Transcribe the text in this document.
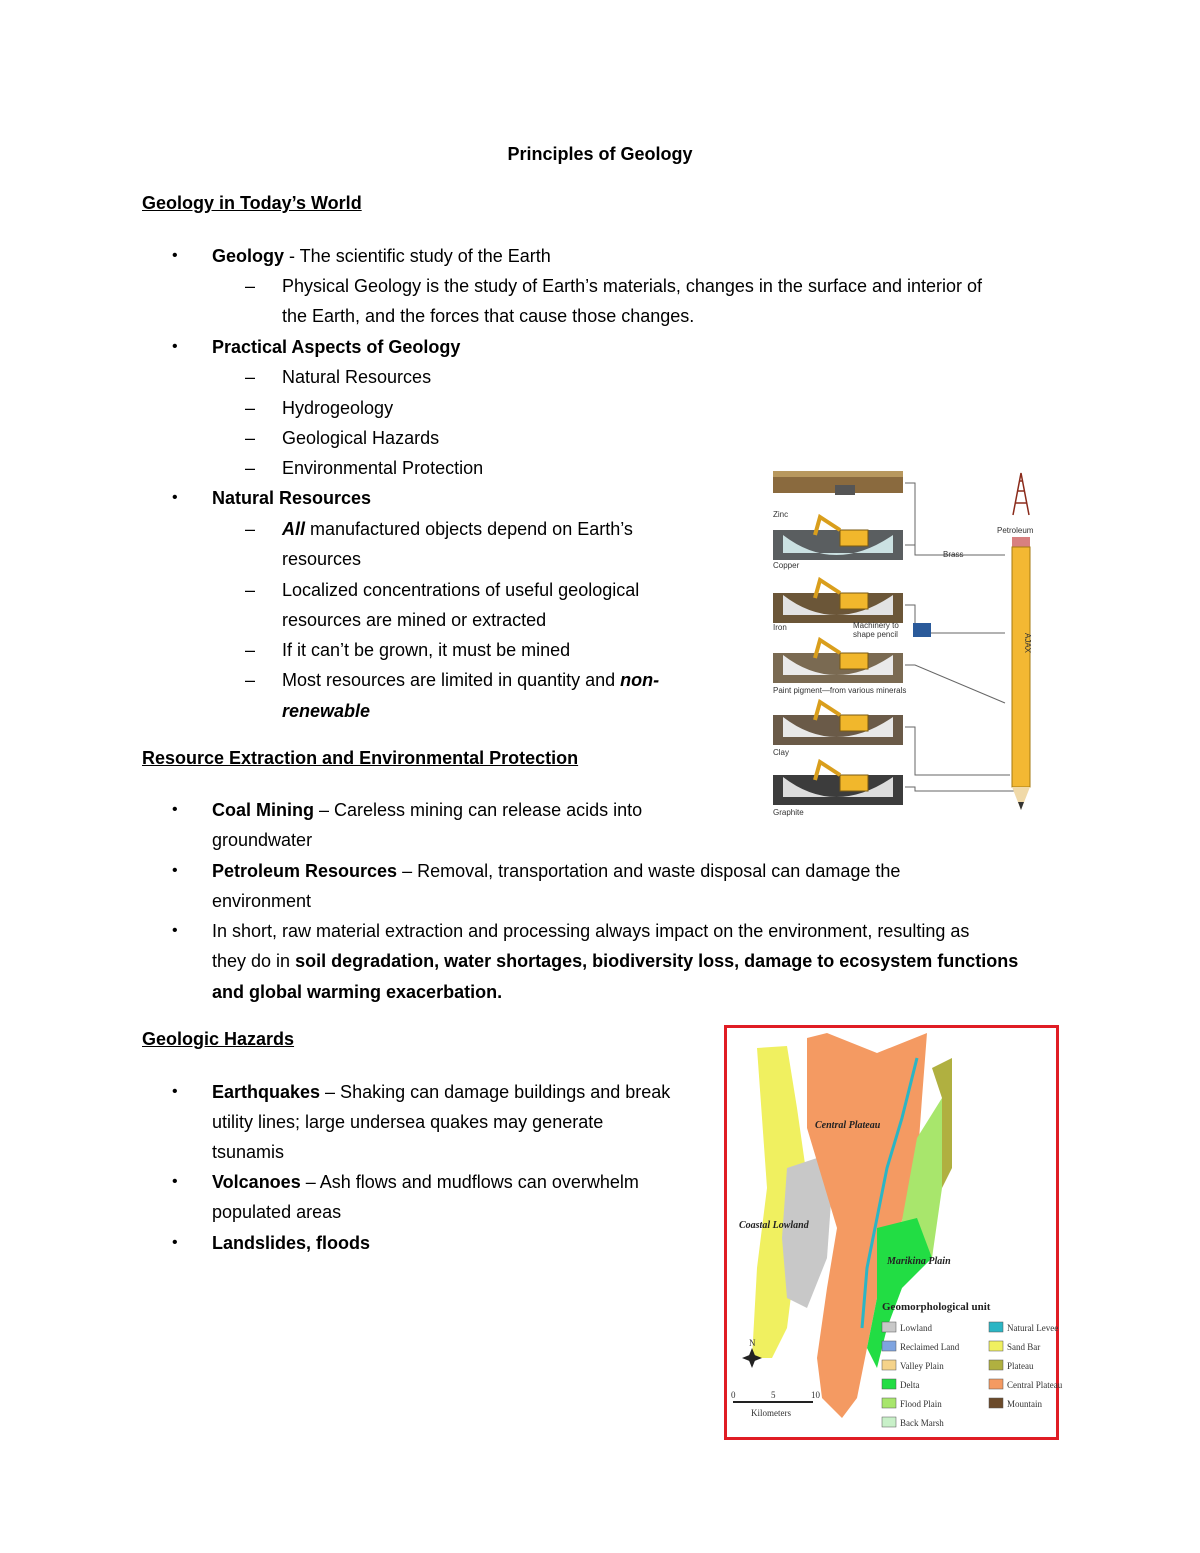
Principles of Geology
Geology in Today’s World
• Geology - The scientific study of the Earth
– Physical Geology is the study of Earth’s materials, changes in the surface and interior of
the Earth, and the forces that cause those changes.
• Practical Aspects of Geology
– Natural Resources
– Hydrogeology
– Geological Hazards
– Environmental Protection
• Natural Resources
– All manufactured objects depend on Earth’s
resources
– Localized concentrations of useful geological
resources are mined or extracted
– If it can’t be grown, it must be mined
– Most resources are limited in quantity and non-
renewable
Resource Extraction and Environmental Protection
• Coal Mining – Careless mining can release acids into
groundwater
• Petroleum Resources – Removal, transportation and waste disposal can damage the
environment
• In short, raw material extraction and processing always impact on the environment, resulting as
they do in soil degradation, water shortages, biodiversity loss, damage to ecosystem functions
and global warming exacerbation.
Geologic Hazards
• Earthquakes – Shaking can damage buildings and break
utility lines; large undersea quakes may generate
tsunamis
• Volcanoes – Ash flows and mudflows can overwhelm
populated areas
• Landslides, floods
Zinc
Copper
Iron
Paint pigment—from various minerals
Clay
Graphite
Petroleum
Brass
Machinery to
shape pencil	AJAX
Central Plateau
Coastal Lowland
Marikina Plain
Geomorphological unit
Lowland
Reclaimed Land
Valley Plain
Delta
Flood Plain
Back Marsh
Natural Levee
Sand Bar
Plateau
Central Plateau
Mountain
N
0	5	10
Kilometers
